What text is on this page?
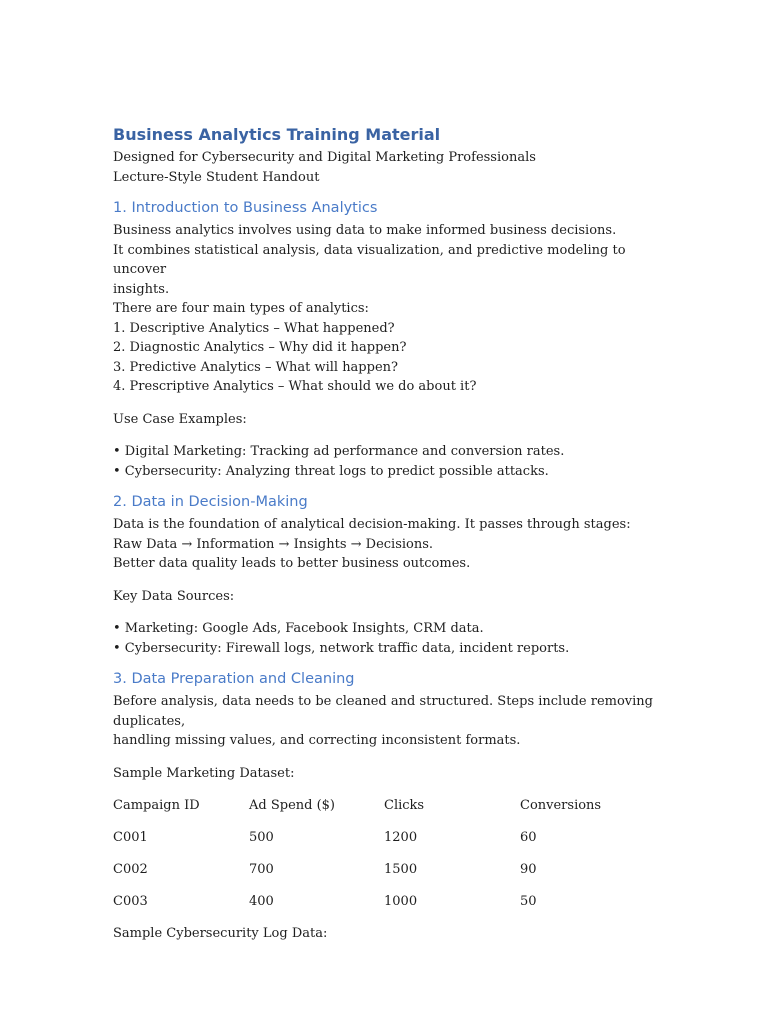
Business Analytics Training Material

Designed for Cybersecurity and Digital Marketing Professionals

Lecture-Style Student Handout

1. Introduction to Business Analytics

Business analytics involves using data to make informed business decisions.

It combines statistical analysis, data visualization, and predictive modeling to uncover

insights.

There are four main types of analytics:

1. Descriptive Analytics – What happened?

2. Diagnostic Analytics – Why did it happen?

3. Predictive Analytics – What will happen?

4. Prescriptive Analytics – What should we do about it?

Use Case Examples:

• Digital Marketing: Tracking ad performance and conversion rates.

• Cybersecurity: Analyzing threat logs to predict possible attacks.

2. Data in Decision-Making

Data is the foundation of analytical decision-making. It passes through stages:

Raw Data → Information → Insights → Decisions.

Better data quality leads to better business outcomes.

Key Data Sources:

• Marketing: Google Ads, Facebook Insights, CRM data.

• Cybersecurity: Firewall logs, network traffic data, incident reports.

3. Data Preparation and Cleaning

Before analysis, data needs to be cleaned and structured. Steps include removing duplicates,

handling missing values, and correcting inconsistent formats.

Sample Marketing Dataset:

Campaign ID	Ad Spend ($)	Clicks	Conversions
C001	500	1200	60
C002	700	1500	90
C003	400	1000	50

Sample Cybersecurity Log Data:
